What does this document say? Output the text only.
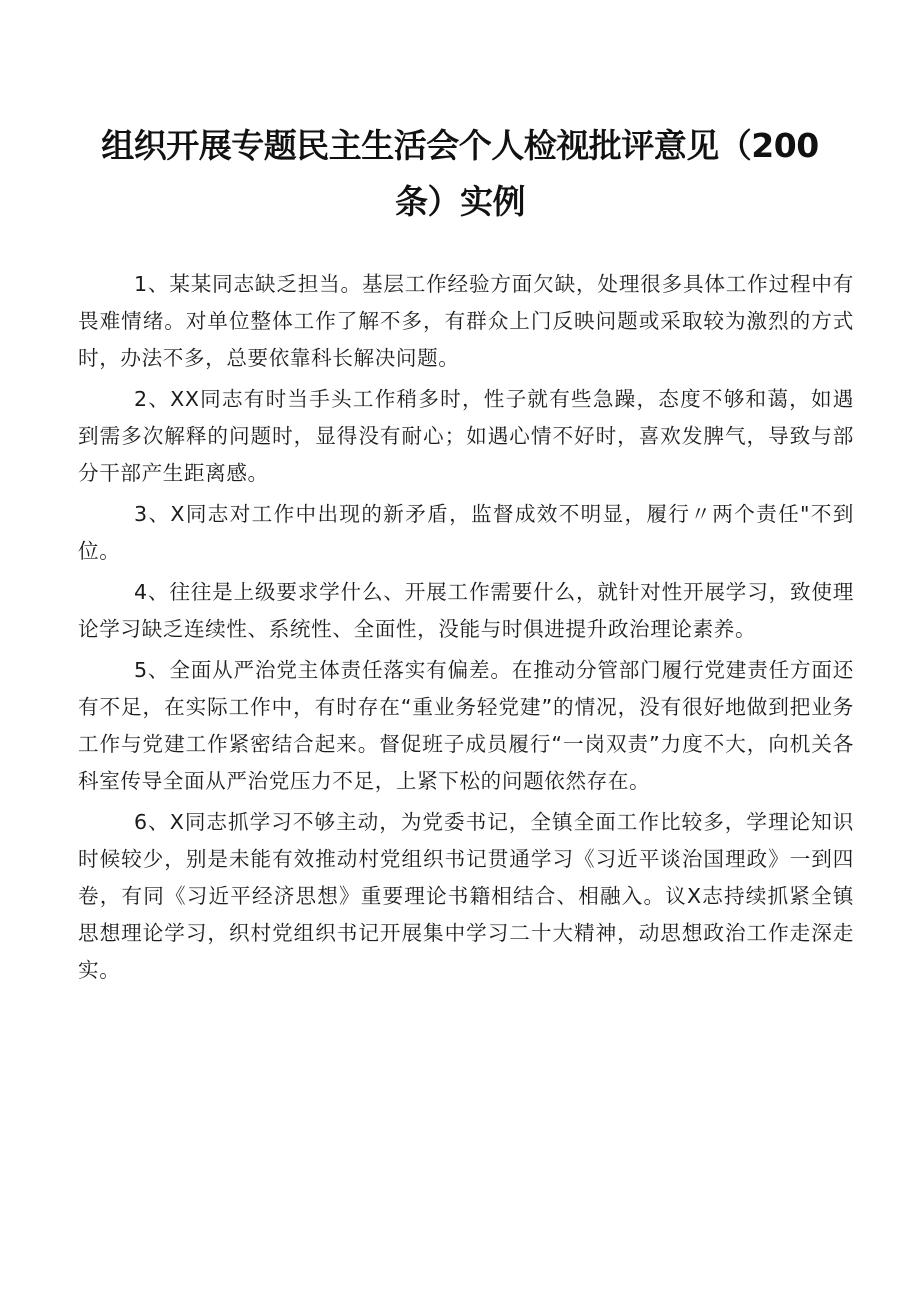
组织开展专题民主生活会个人检视批评意见（200
条）实例

1、某某同志缺乏担当。基层工作经验方面欠缺，处理很多具体工作过程中有畏难情绪。对单位整体工作了解不多，有群众上门反映问题或采取较为激烈的方式时，办法不多，总要依靠科长解决问题。

2、XX同志有时当手头工作稍多时，性子就有些急躁，态度不够和蔼，如遇到需多次解释的问题时，显得没有耐心；如遇心情不好时，喜欢发脾气，导致与部分干部产生距离感。

3、X同志对工作中出现的新矛盾，监督成效不明显，履行〃两个责任"不到位。

4、往往是上级要求学什么、开展工作需要什么，就针对性开展学习，致使理论学习缺乏连续性、系统性、全面性，没能与时俱进提升政治理论素养。

5、全面从严治党主体责任落实有偏差。在推动分管部门履行党建责任方面还有不足，在实际工作中，有时存在“重业务轻党建”的情况，没有很好地做到把业务工作与党建工作紧密结合起来。督促班子成员履行“一岗双责”力度不大，向机关各科室传导全面从严治党压力不足，上紧下松的问题依然存在。

6、X同志抓学习不够主动，为党委书记，全镇全面工作比较多，学理论知识时候较少，别是未能有效推动村党组织书记贯通学习《习近平谈治国理政》一到四卷，有同《习近平经济思想》重要理论书籍相结合、相融入。议X志持续抓紧全镇思想理论学习，织村党组织书记开展集中学习二十大精神，动思想政治工作走深走实。
